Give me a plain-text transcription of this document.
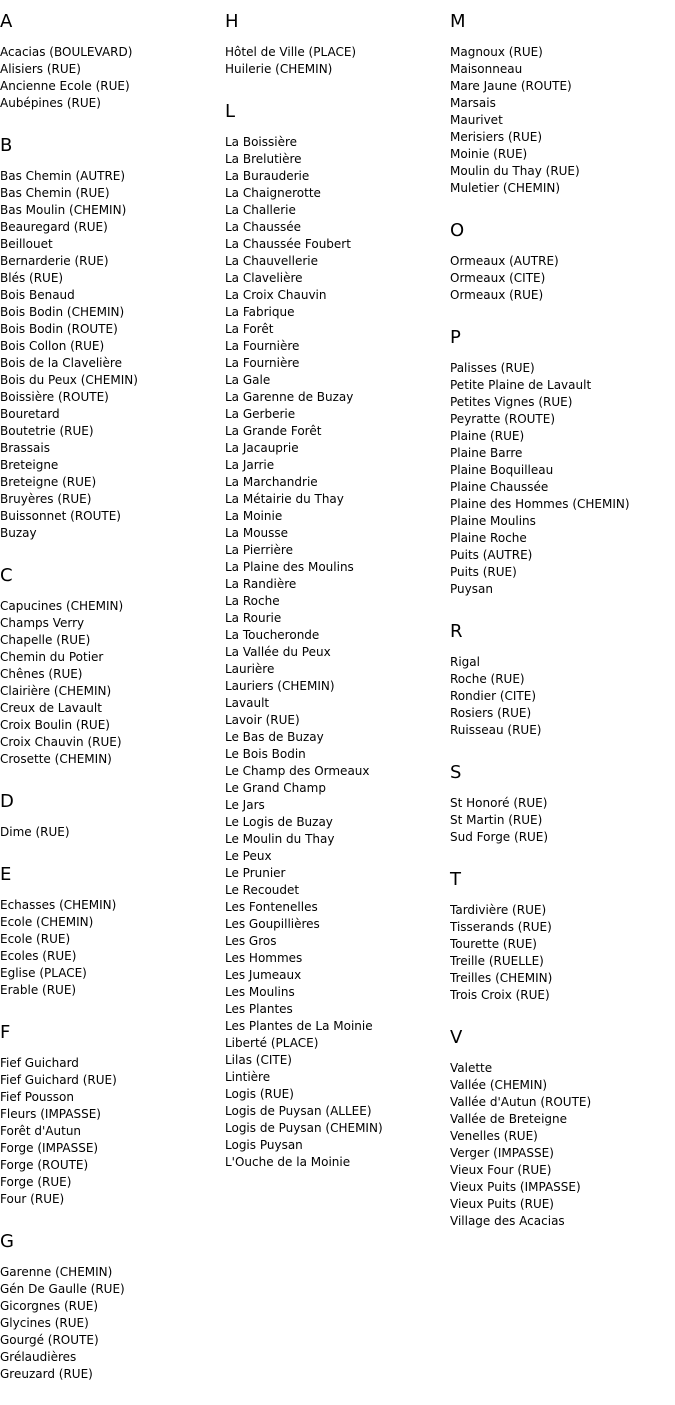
A
Acacias (BOULEVARD)
Alisiers (RUE)
Ancienne Ecole (RUE)
Aubépines (RUE)
B
Bas Chemin (AUTRE)
Bas Chemin (RUE)
Bas Moulin (CHEMIN)
Beauregard (RUE)
Beillouet
Bernarderie (RUE)
Blés (RUE)
Bois Benaud
Bois Bodin (CHEMIN)
Bois Bodin (ROUTE)
Bois Collon (RUE)
Bois de la Clavelière
Bois du Peux (CHEMIN)
Boissière (ROUTE)
Bouretard
Boutetrie (RUE)
Brassais
Breteigne
Breteigne (RUE)
Bruyères (RUE)
Buissonnet (ROUTE)
Buzay
C
Capucines (CHEMIN)
Champs Verry
Chapelle (RUE)
Chemin du Potier
Chênes (RUE)
Clairière (CHEMIN)
Creux de Lavault
Croix Boulin (RUE)
Croix Chauvin (RUE)
Crosette (CHEMIN)
D
Dime (RUE)
E
Echasses (CHEMIN)
Ecole (CHEMIN)
Ecole (RUE)
Ecoles (RUE)
Eglise (PLACE)
Erable (RUE)
F
Fief Guichard
Fief Guichard (RUE)
Fief Pousson
Fleurs (IMPASSE)
Forêt d'Autun
Forge (IMPASSE)
Forge (ROUTE)
Forge (RUE)
Four (RUE)
G
Garenne (CHEMIN)
Gén De Gaulle (RUE)
Gicorgnes (RUE)
Glycines (RUE)
Gourgé (ROUTE)
Grélaudières
Greuzard (RUE)
H
Hôtel de Ville (PLACE)
Huilerie (CHEMIN)
L
La Boissière
La Brelutière
La Burauderie
La Chaignerotte
La Challerie
La Chaussée
La Chaussée Foubert
La Chauvellerie
La Clavelière
La Croix Chauvin
La Fabrique
La Forêt
La Fournière
La Fournière
La Gale
La Garenne de Buzay
La Gerberie
La Grande Forêt
La Jacauprie
La Jarrie
La Marchandrie
La Métairie du Thay
La Moinie
La Mousse
La Pierrière
La Plaine des Moulins
La Randière
La Roche
La Rourie
La Toucheronde
La Vallée du Peux
Laurière
Lauriers (CHEMIN)
Lavault
Lavoir (RUE)
Le Bas de Buzay
Le Bois Bodin
Le Champ des Ormeaux
Le Grand Champ
Le Jars
Le Logis de Buzay
Le Moulin du Thay
Le Peux
Le Prunier
Le Recoudet
Les Fontenelles
Les Goupillières
Les Gros
Les Hommes
Les Jumeaux
Les Moulins
Les Plantes
Les Plantes de La Moinie
Liberté (PLACE)
Lilas (CITE)
Lintière
Logis (RUE)
Logis de Puysan (ALLEE)
Logis de Puysan (CHEMIN)
Logis Puysan
L'Ouche de la Moinie
M
Magnoux (RUE)
Maisonneau
Mare Jaune (ROUTE)
Marsais
Maurivet
Merisiers (RUE)
Moinie (RUE)
Moulin du Thay (RUE)
Muletier (CHEMIN)
O
Ormeaux (AUTRE)
Ormeaux (CITE)
Ormeaux (RUE)
P
Palisses (RUE)
Petite Plaine de Lavault
Petites Vignes (RUE)
Peyratte (ROUTE)
Plaine (RUE)
Plaine Barre
Plaine Boquilleau
Plaine Chaussée
Plaine des Hommes (CHEMIN)
Plaine Moulins
Plaine Roche
Puits (AUTRE)
Puits (RUE)
Puysan
R
Rigal
Roche (RUE)
Rondier (CITE)
Rosiers (RUE)
Ruisseau (RUE)
S
St Honoré (RUE)
St Martin (RUE)
Sud Forge (RUE)
T
Tardivière (RUE)
Tisserands (RUE)
Tourette (RUE)
Treille (RUELLE)
Treilles (CHEMIN)
Trois Croix (RUE)
V
Valette
Vallée (CHEMIN)
Vallée d'Autun (ROUTE)
Vallée de Breteigne
Venelles (RUE)
Verger (IMPASSE)
Vieux Four (RUE)
Vieux Puits (IMPASSE)
Vieux Puits (RUE)
Village des Acacias
